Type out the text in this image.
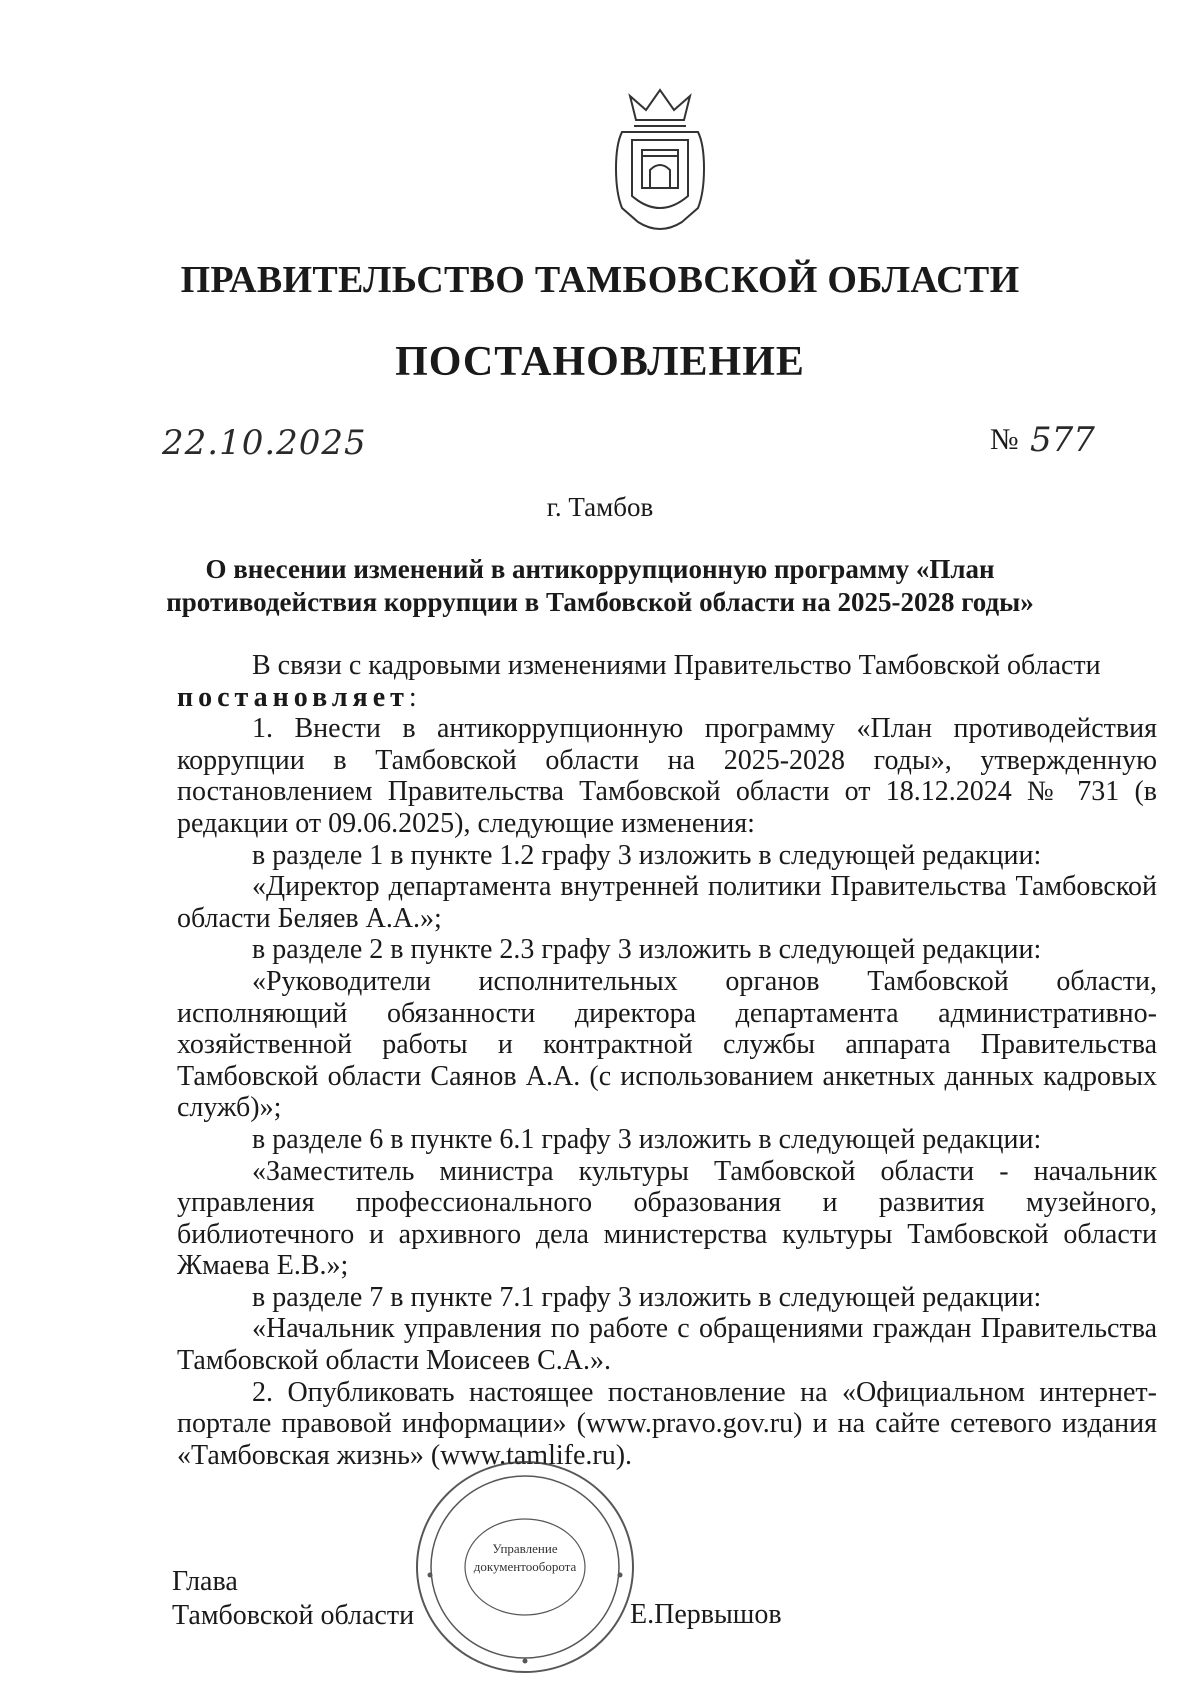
ПРАВИТЕЛЬСТВО ТАМБОВСКОЙ ОБЛАСТИ
ПОСТАНОВЛЕНИЕ
22.10.2025	№ 577
г. Тамбов
О внесении изменений в антикоррупционную программу «План
противодействия коррупции в Тамбовской области на 2025-2028 годы»

В связи с кадровыми изменениями Правительство Тамбовской области

постановляет:

1. Внести в антикоррупционную программу «План противодействия коррупции в Тамбовской области на 2025-2028 годы», утвержденную постановлением Правительства Тамбовской области от 18.12.2024 № 731 (в редакции от 09.06.2025), следующие изменения:

в разделе 1 в пункте 1.2 графу 3 изложить в следующей редакции:

«Директор департамента внутренней политики Правительства Тамбовской области Беляев А.А.»;

в разделе 2 в пункте 2.3 графу 3 изложить в следующей редакции:

«Руководители исполнительных органов Тамбовской области, исполняющий обязанности директора департамента административно-хозяйственной работы и контрактной службы аппарата Правительства Тамбовской области Саянов А.А. (с использованием анкетных данных кадровых служб)»;

в разделе 6 в пункте 6.1 графу 3 изложить в следующей редакции:

«Заместитель министра культуры Тамбовской области - начальник управления профессионального образования и развития музейного, библиотечного и архивного дела министерства культуры Тамбовской области Жмаева Е.В.»;

в разделе 7 в пункте 7.1 графу 3 изложить в следующей редакции:

«Начальник управления по работе с обращениями граждан Правительства Тамбовской области Моисеев С.А.».

2. Опубликовать настоящее постановление на «Официальном интернет-портале правовой информации» (www.pravo.gov.ru) и на сайте сетевого издания «Тамбовская жизнь» (www.tamlife.ru).

Управление
документооборота
Глава
Тамбовской области	Е.Первышов
